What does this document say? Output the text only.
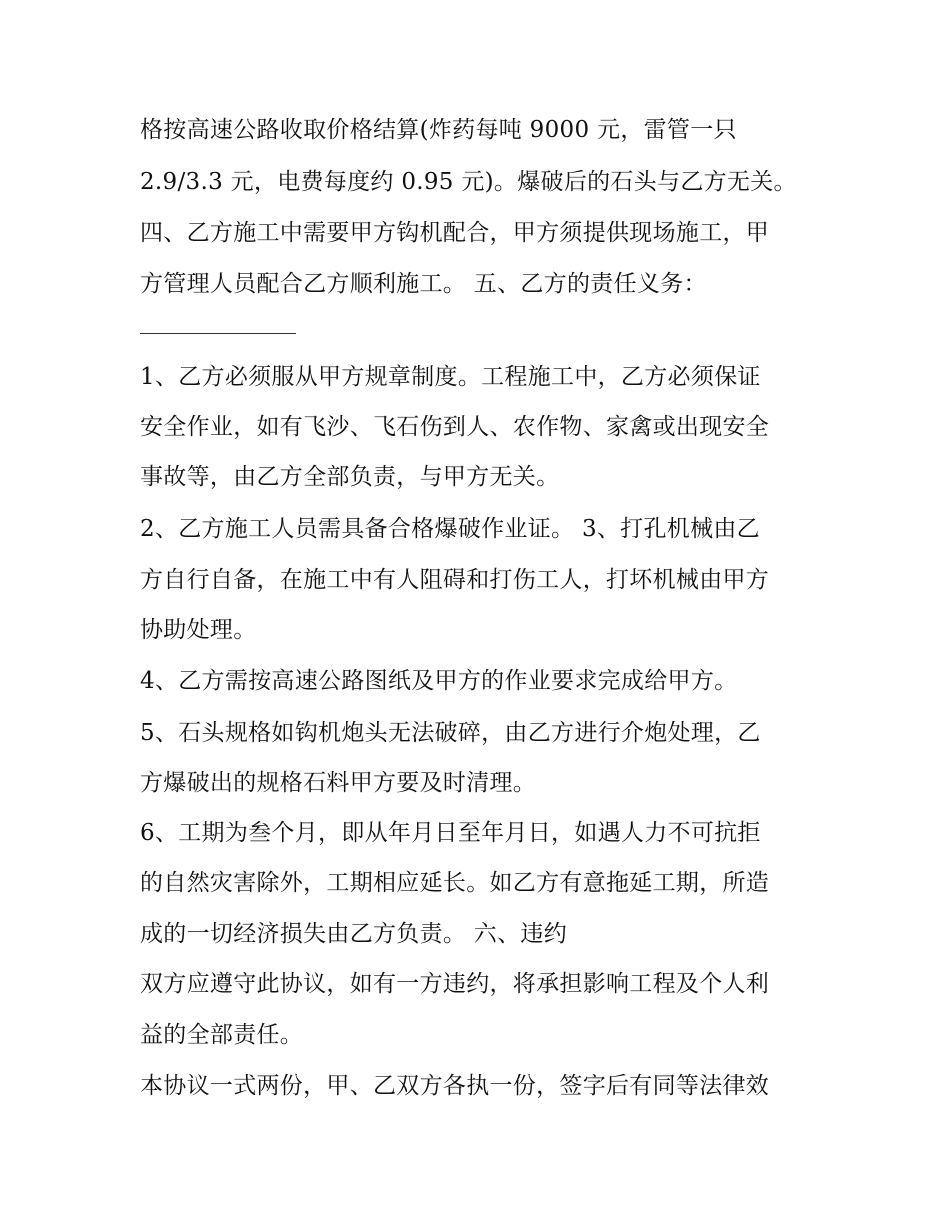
格按高速公路收取价格结算(炸药每吨 9000 元，雷管一只
2.9/3.3 元，电费每度约 0.95 元)。爆破后的石头与乙方无关。
四、乙方施工中需要甲方钩机配合，甲方须提供现场施工，甲
方管理人员配合乙方顺利施工。 五、乙方的责任义务：
1、乙方必须服从甲方规章制度。工程施工中，乙方必须保证
安全作业，如有飞沙、飞石伤到人、农作物、家禽或出现安全
事故等，由乙方全部负责，与甲方无关。
2、乙方施工人员需具备合格爆破作业证。 3、打孔机械由乙
方自行自备，在施工中有人阻碍和打伤工人，打坏机械由甲方
协助处理。
4、乙方需按高速公路图纸及甲方的作业要求完成给甲方。
5、石头规格如钩机炮头无法破碎，由乙方进行介炮处理，乙
方爆破出的规格石料甲方要及时清理。
6、工期为叁个月，即从年月日至年月日，如遇人力不可抗拒
的自然灾害除外，工期相应延长。如乙方有意拖延工期，所造
成的一切经济损失由乙方负责。 六、违约
双方应遵守此协议，如有一方违约，将承担影响工程及个人利
益的全部责任。
本协议一式两份，甲、乙双方各执一份，签字后有同等法律效
